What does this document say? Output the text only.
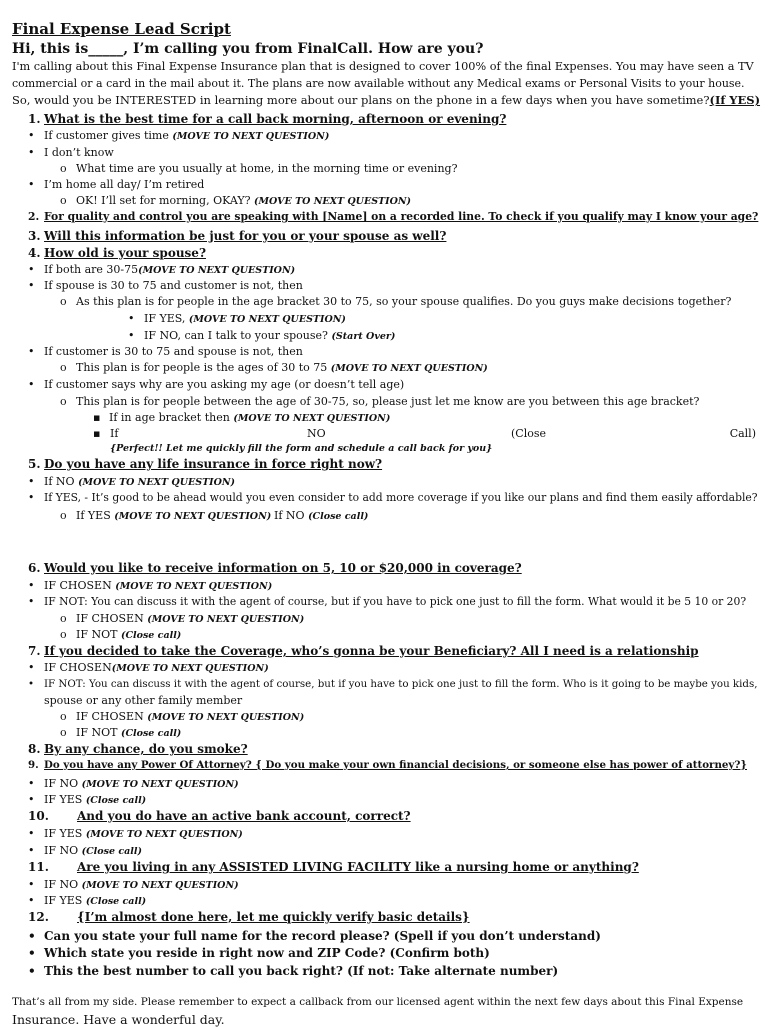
Final Expense Lead Script
Hi, this is_____, I’m calling you from FinalCall. How are you?
I'm calling about this Final Expense Insurance plan that is designed to cover 100% of the final Expenses. You may have seen a TV
commercial or a card in the mail about it. The plans are now available without any Medical exams or Personal Visits to your house.
So, would you be INTERESTED in learning more about our plans on the phone in a few days when you have sometime?(If YES)
1. What is the best time for a call back morning, afternoon or evening?
• If customer gives time (MOVE TO NEXT QUESTION)
• I don’t know
o What time are you usually at home, in the morning time or evening?
• I’m home all day/ I’m retired
o OK! I’ll set for morning, OKAY? (MOVE TO NEXT QUESTION)
2. For quality and control you are speaking with [Name] on a recorded line. To check if you qualify may I know your age?
3. Will this information be just for you or your spouse as well?
4. How old is your spouse?
• If both are 30-75(MOVE TO NEXT QUESTION)
• If spouse is 30 to 75 and customer is not, then
o As this plan is for people in the age bracket 30 to 75, so your spouse qualifies. Do you guys make decisions together?
• IF YES, (MOVE TO NEXT QUESTION)
• IF NO, can I talk to your spouse? (Start Over)
• If customer is 30 to 75 and spouse is not, then
o This plan is for people is the ages of 30 to 75 (MOVE TO NEXT QUESTION)
• If customer says why are you asking my age (or doesn’t tell age)
o This plan is for people between the age of 30-75, so, please just let me know are you between this age bracket?
▪ If in age bracket then (MOVE TO NEXT QUESTION)
▪ If	NO	(Close	Call)
{Perfect!! Let me quickly fill the form and schedule a call back for you}
5. Do you have any life insurance in force right now?
• If NO (MOVE TO NEXT QUESTION)
• If YES, - It’s good to be ahead would you even consider to add more coverage if you like our plans and find them easily affordable?
o If YES (MOVE TO NEXT QUESTION) If NO (Close call)
6. Would you like to receive information on 5, 10 or $20,000 in coverage?
• IF CHOSEN (MOVE TO NEXT QUESTION)
• IF NOT: You can discuss it with the agent of course, but if you have to pick one just to fill the form. What would it be 5 10 or 20?
o IF CHOSEN (MOVE TO NEXT QUESTION)
o IF NOT (Close call)
7. If you decided to take the Coverage, who’s gonna be your Beneficiary? All I need is a relationship
• IF CHOSEN(MOVE TO NEXT QUESTION)
• IF NOT: You can discuss it with the agent of course, but if you have to pick one just to fill the form. Who is it going to be maybe you kids,
spouse or any other family member
o IF CHOSEN (MOVE TO NEXT QUESTION)
o IF NOT (Close call)
8. By any chance, do you smoke?
9. Do you have any Power Of Attorney? { Do you make your own financial decisions, or someone else has power of attorney?}
• IF NO (MOVE TO NEXT QUESTION)
• IF YES (Close call)
10. And you do have an active bank account, correct?
• IF YES (MOVE TO NEXT QUESTION)
• IF NO (Close call)
11. Are you living in any ASSISTED LIVING FACILITY like a nursing home or anything?
• IF NO (MOVE TO NEXT QUESTION)
• IF YES (Close call)
12. {I’m almost done here, let me quickly verify basic details}
• Can you state your full name for the record please? (Spell if you don’t understand)
• Which state you reside in right now and ZIP Code? (Confirm both)
• This the best number to call you back right? (If not: Take alternate number)
That’s all from my side. Please remember to expect a callback from our licensed agent within the next few days about this Final Expense
Insurance. Have a wonderful day.
